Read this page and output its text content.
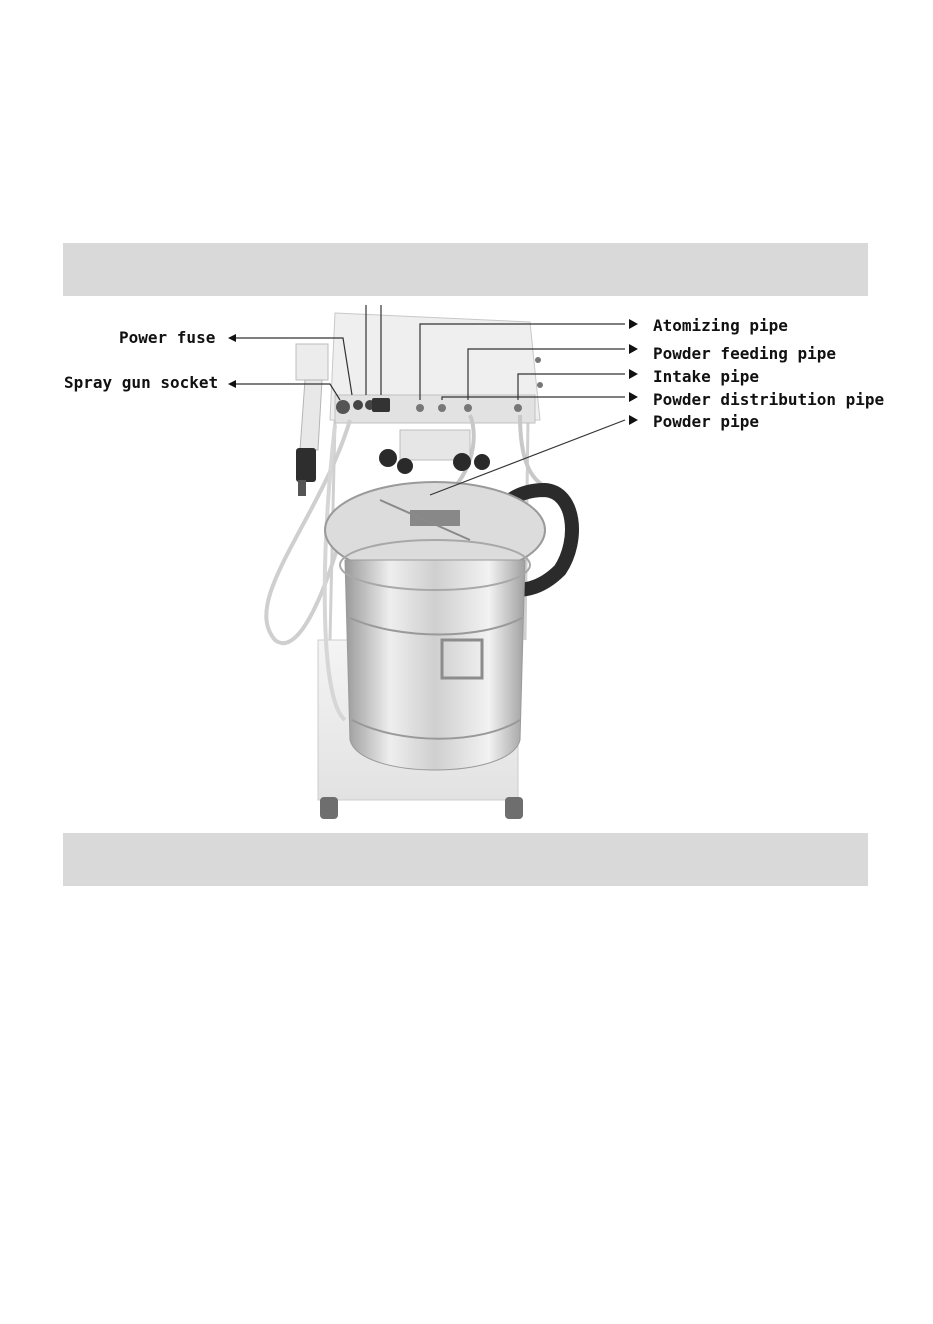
Power fuse
Spray gun socket
Atomizing pipe
Powder feeding pipe
Intake pipe
Powder distribution pipe
Powder pipe
